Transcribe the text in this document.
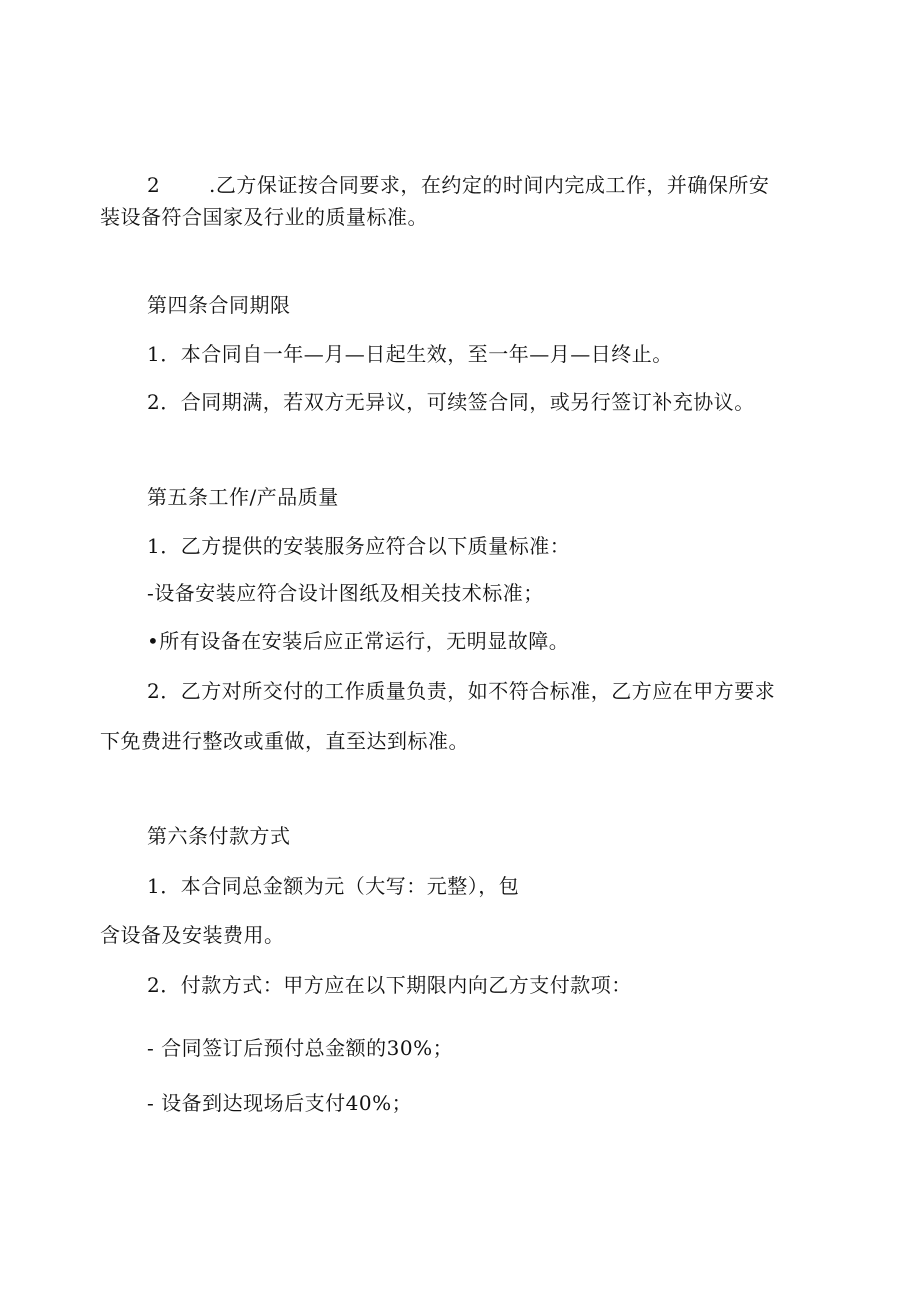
2 .乙方保证按合同要求，在约定的时间内完成工作，并确保所安
装设备符合国家及行业的质量标准。
第四条合同期限
1．本合同自一年—月—日起生效，至一年—月—日终止。
2．合同期满，若双方无异议，可续签合同，或另行签订补充协议。
第五条工作/产品质量
1．乙方提供的安装服务应符合以下质量标准：
-设备安装应符合设计图纸及相关技术标准；
•所有设备在安装后应正常运行，无明显故障。
2．乙方对所交付的工作质量负责，如不符合标准，乙方应在甲方要求
下免费进行整改或重做，直至达到标准。
第六条付款方式
1．本合同总金额为元（大写：元整），包
含设备及安装费用。
2．付款方式：甲方应在以下期限内向乙方支付款项：
- 合同签订后预付总金额的30%；
- 设备到达现场后支付40%；
